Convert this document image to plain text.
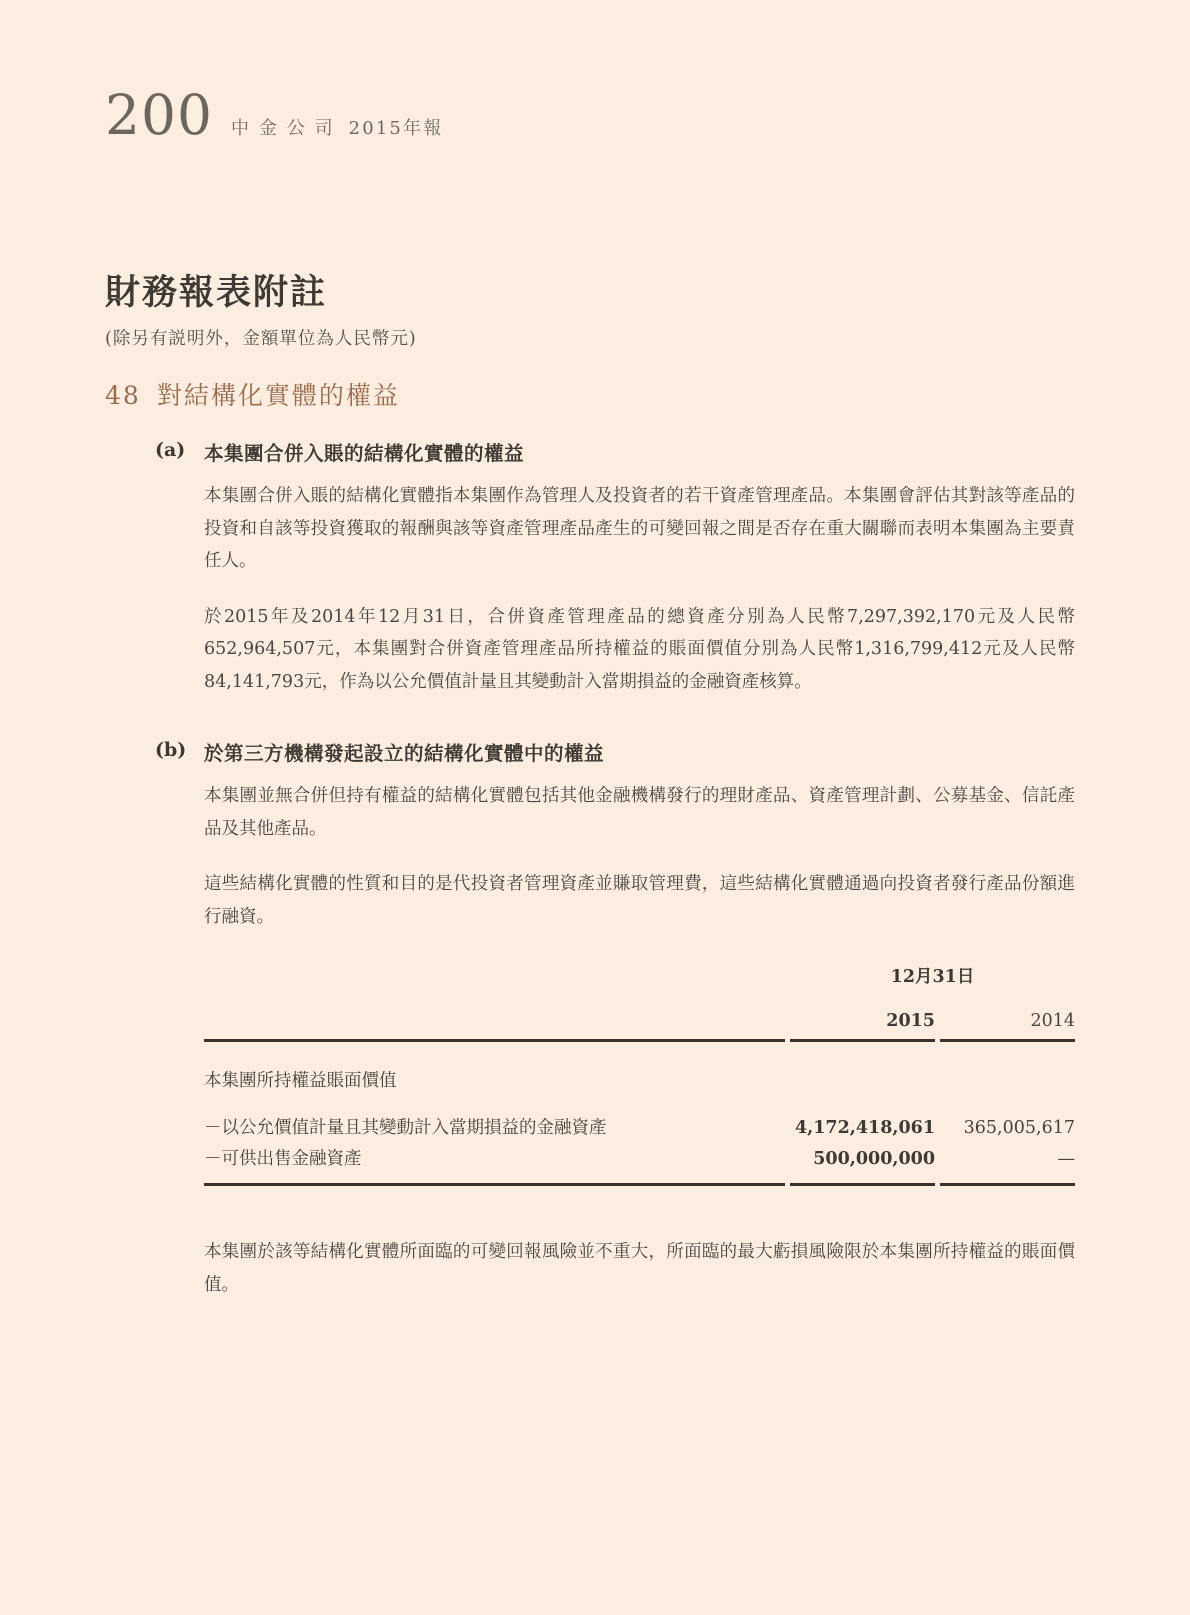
200 中金公司 2015年報
財務報表附註
(除另有説明外，金額單位為人民幣元)
48 對結構化實體的權益
(a) 本集團合併入賬的結構化實體的權益

本集團合併入賬的結構化實體指本集團作為管理人及投資者的若干資產管理產品。本集團會評估其對該等產品的投資和自該等投資獲取的報酬與該等資產管理產品產生的可變回報之間是否存在重大關聯而表明本集團為主要責任人。

於2015年及2014年12月31日，合併資產管理產品的總資產分別為人民幣7,297,392,170元及人民幣652,964,507元，本集團對合併資產管理產品所持權益的賬面價值分別為人民幣1,316,799,412元及人民幣84,141,793元，作為以公允價值計量且其變動計入當期損益的金融資產核算。

(b) 於第三方機構發起設立的結構化實體中的權益

本集團並無合併但持有權益的結構化實體包括其他金融機構發行的理財產品、資產管理計劃、公募基金、信託產品及其他產品。

這些結構化實體的性質和目的是代投資者管理資產並賺取管理費，這些結構化實體通過向投資者發行產品份額進行融資。

12月31日
2015	2014
本集團所持權益賬面價值
－以公允價值計量且其變動計入當期損益的金融資產	4,172,418,061	365,005,617
－可供出售金融資產	500,000,000	—

本集團於該等結構化實體所面臨的可變回報風險並不重大，所面臨的最大虧損風險限於本集團所持權益的賬面價值。
